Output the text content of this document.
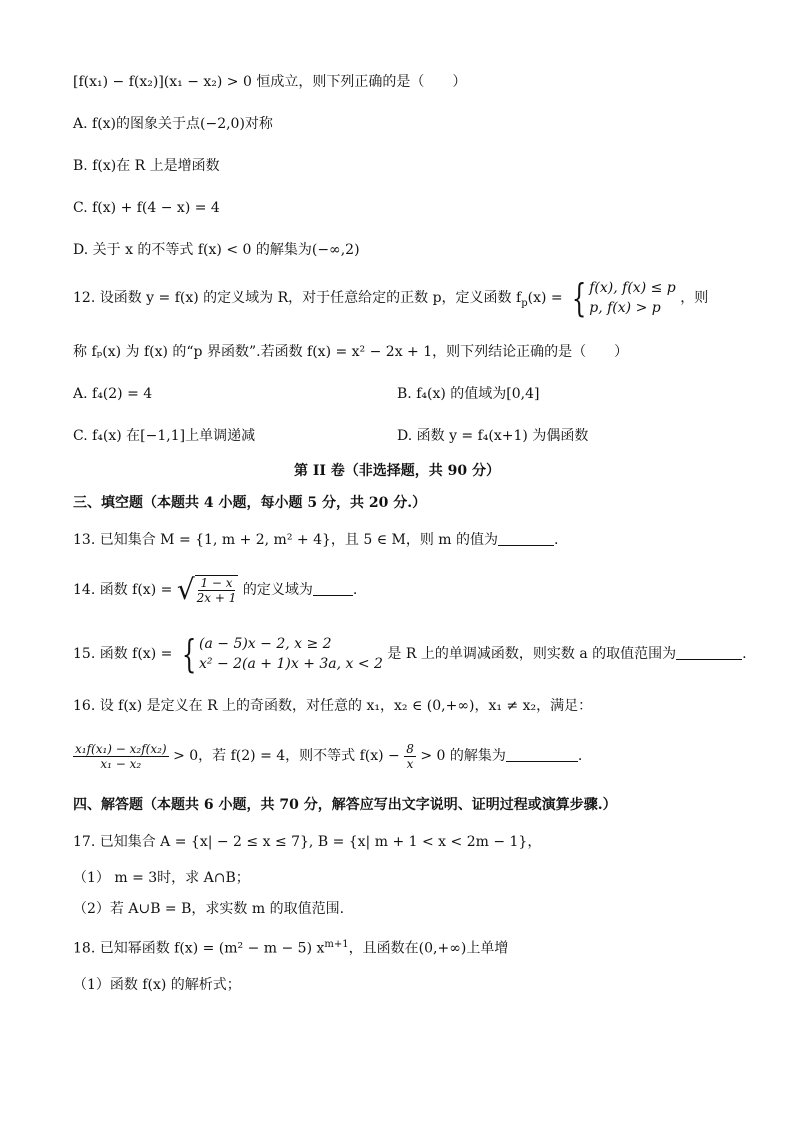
[f(x₁) − f(x₂)](x₁ − x₂) > 0 恒成立，则下列正确的是（　　）
A. f(x)的图象关于点(−2,0)对称
B. f(x)在 R 上是增函数
C. f(x) + f(4 − x) = 4
D. 关于 x 的不等式 f(x) < 0 的解集为(−∞,2)
12. 设函数 y = f(x) 的定义域为 R，对于任意给定的正数 p，定义函数 $f_p(x)$ = { f(x), f(x) ≤ p
p, f(x) > p
，则
称 fₚ(x) 为 f(x) 的“p 界函数”.若函数 f(x) = x² − 2x + 1，则下列结论正确的是（　　）
A. f₄(2) = 4	B. f₄(x) 的值域为[0,4]
C. f₄(x) 在[−1,1]上单调递减	D. 函数 y = f₄(x+1) 为偶函数
第 II 卷（非选择题，共 90 分）
三、填空题（本题共 4 小题，每小题 5 分，共 20 分.）
13. 已知集合 M = {1, m + 2, m² + 4}，且 5 ∈ M，则 m 的值为	.
14. 函数 f(x) = √ $\frac{1 - x}{2x + 1}$ 的定义域为	.
15. 函数 f(x) = { (a − 5)x − 2, x ≥ 2
x² − 2(a + 1)x + 3a, x < 2
是 R 上的单调减函数，则实数 a 的取值范围为	.
16. 设 f(x) 是定义在 R 上的奇函数，对任意的 x₁，x₂ ∈ (0,+∞)，x₁ ≠ x₂，满足：
$\frac{\text{x₁f(x₁) − x₂f(x₂)}}{\text{x₁ − x₂}} > 0$，若 f(2) = 4，则不等式 $f(x) - \frac{8}{x} > 0$ 的解集为	.
四、解答题（本题共 6 小题，共 70 分，解答应写出文字说明、证明过程或演算步骤.）
17. 已知集合 A = {x| − 2 ≤ x ≤ 7}, B = {x| m + 1 < x < 2m − 1}，
（1） m = 3时，求 A∩B；
（2）若 A∪B = B，求实数 m 的取值范围.
18. 已知幂函数 f(x) = (m² − m − 5) $x^{m+1}$，且函数在(0,+∞)上单增
（1）函数 f(x) 的解析式；
